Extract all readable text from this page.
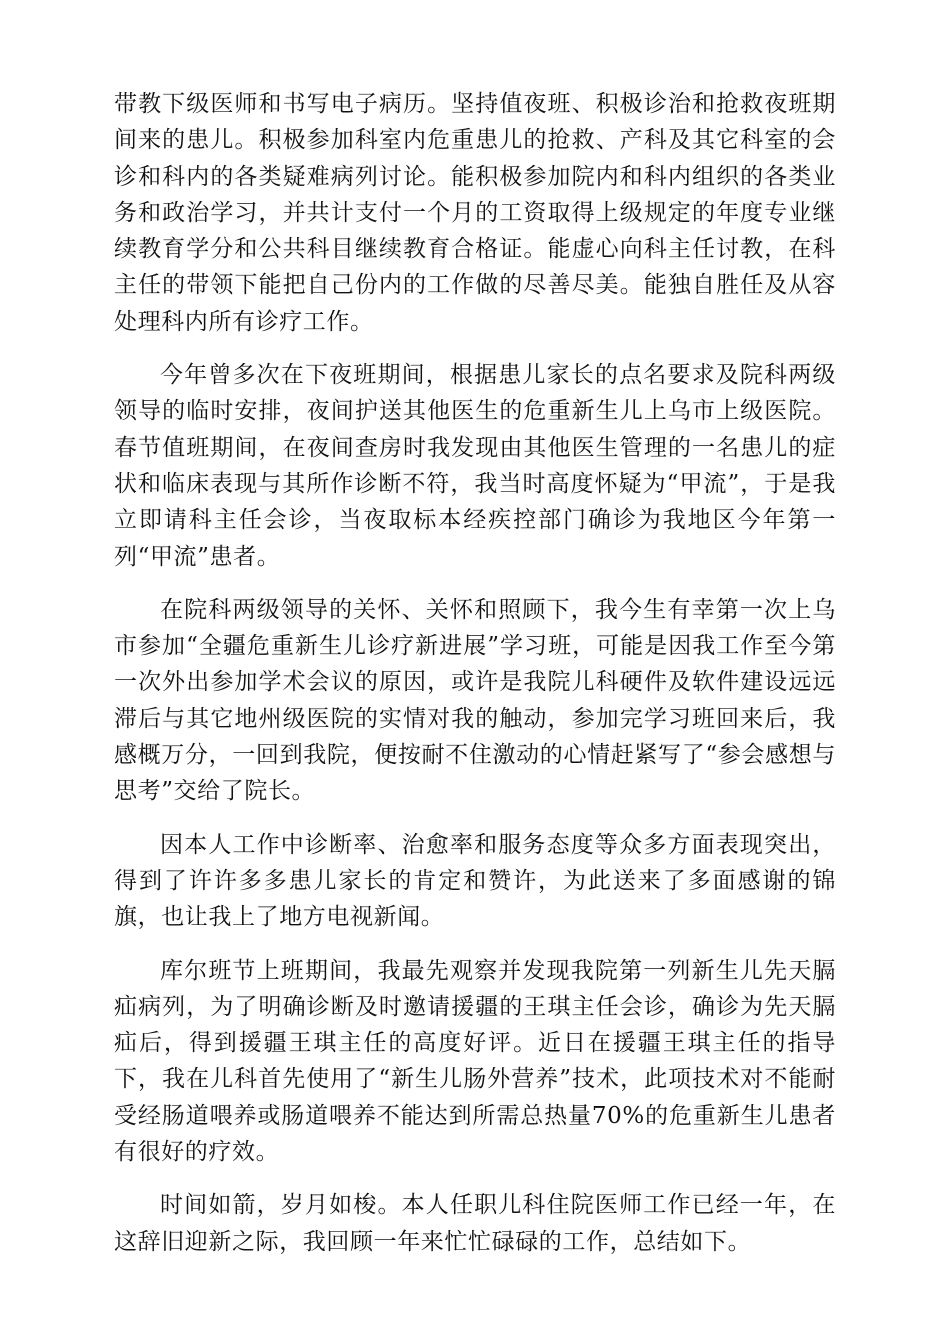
带教下级医师和书写电子病历。坚持值夜班、积极诊治和抢救夜班期间来的患儿。积极参加科室内危重患儿的抢救、产科及其它科室的会诊和科内的各类疑难病列讨论。能积极参加院内和科内组织的各类业务和政治学习，并共计支付一个月的工资取得上级规定的年度专业继续教育学分和公共科目继续教育合格证。能虚心向科主任讨教，在科主任的带领下能把自己份内的工作做的尽善尽美。能独自胜任及从容处理科内所有诊疗工作。

今年曾多次在下夜班期间，根据患儿家长的点名要求及院科两级领导的临时安排，夜间护送其他医生的危重新生儿上乌市上级医院。春节值班期间，在夜间查房时我发现由其他医生管理的一名患儿的症状和临床表现与其所作诊断不符，我当时高度怀疑为“甲流”，于是我立即请科主任会诊，当夜取标本经疾控部门确诊为我地区今年第一列“甲流”患者。

在院科两级领导的关怀、关怀和照顾下，我今生有幸第一次上乌市参加“全疆危重新生儿诊疗新进展”学习班，可能是因我工作至今第一次外出参加学术会议的原因，或许是我院儿科硬件及软件建设远远滞后与其它地州级医院的实情对我的触动，参加完学习班回来后，我感概万分，一回到我院，便按耐不住激动的心情赶紧写了“参会感想与思考”交给了院长。

因本人工作中诊断率、治愈率和服务态度等众多方面表现突出，得到了许许多多患儿家长的肯定和赞许，为此送来了多面感谢的锦旗，也让我上了地方电视新闻。

库尔班节上班期间，我最先观察并发现我院第一列新生儿先天膈疝病列，为了明确诊断及时邀请援疆的王琪主任会诊，确诊为先天膈疝后，得到援疆王琪主任的高度好评。近日在援疆王琪主任的指导下，我在儿科首先使用了“新生儿肠外营养”技术，此项技术对不能耐受经肠道喂养或肠道喂养不能达到所需总热量70%的危重新生儿患者有很好的疗效。

时间如箭，岁月如梭。本人任职儿科住院医师工作已经一年，在这辞旧迎新之际，我回顾一年来忙忙碌碌的工作，总结如下。
